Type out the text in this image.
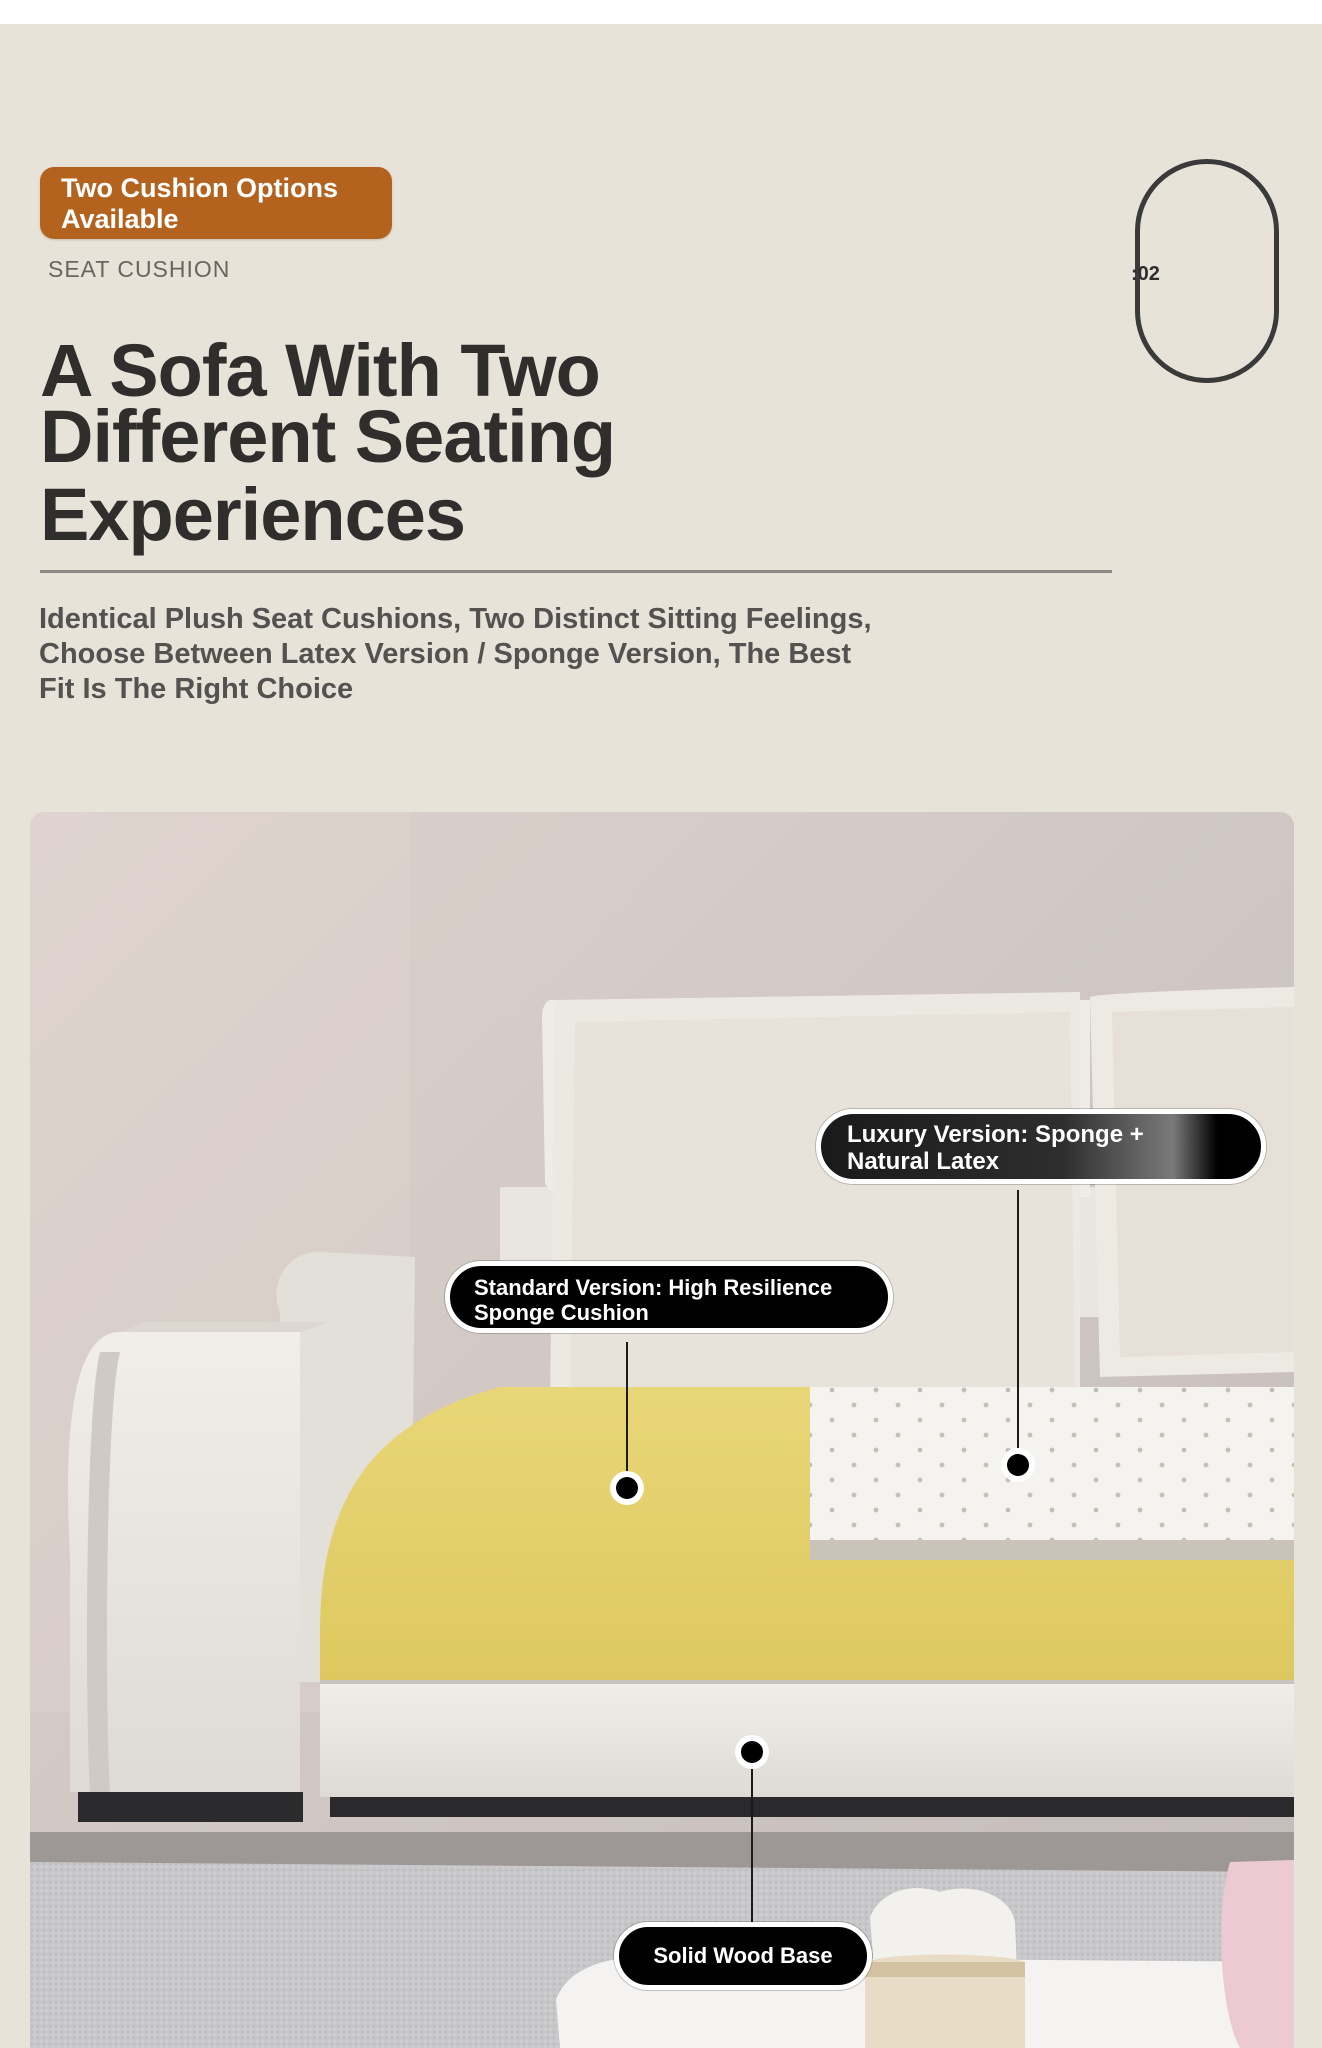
Two Cushion Options
Available
SEAT CUSHION
A Sofa With Two
Different Seating
Experiences
Identical Plush Seat Cushions, Two Distinct Sitting Feelings,
Choose Between Latex Version / Sponge Version, The Best
Fit Is The Right Choice
:02
Luxury Version: Sponge +
Natural Latex
Standard Version: High Resilience
Sponge Cushion
Solid Wood Base
